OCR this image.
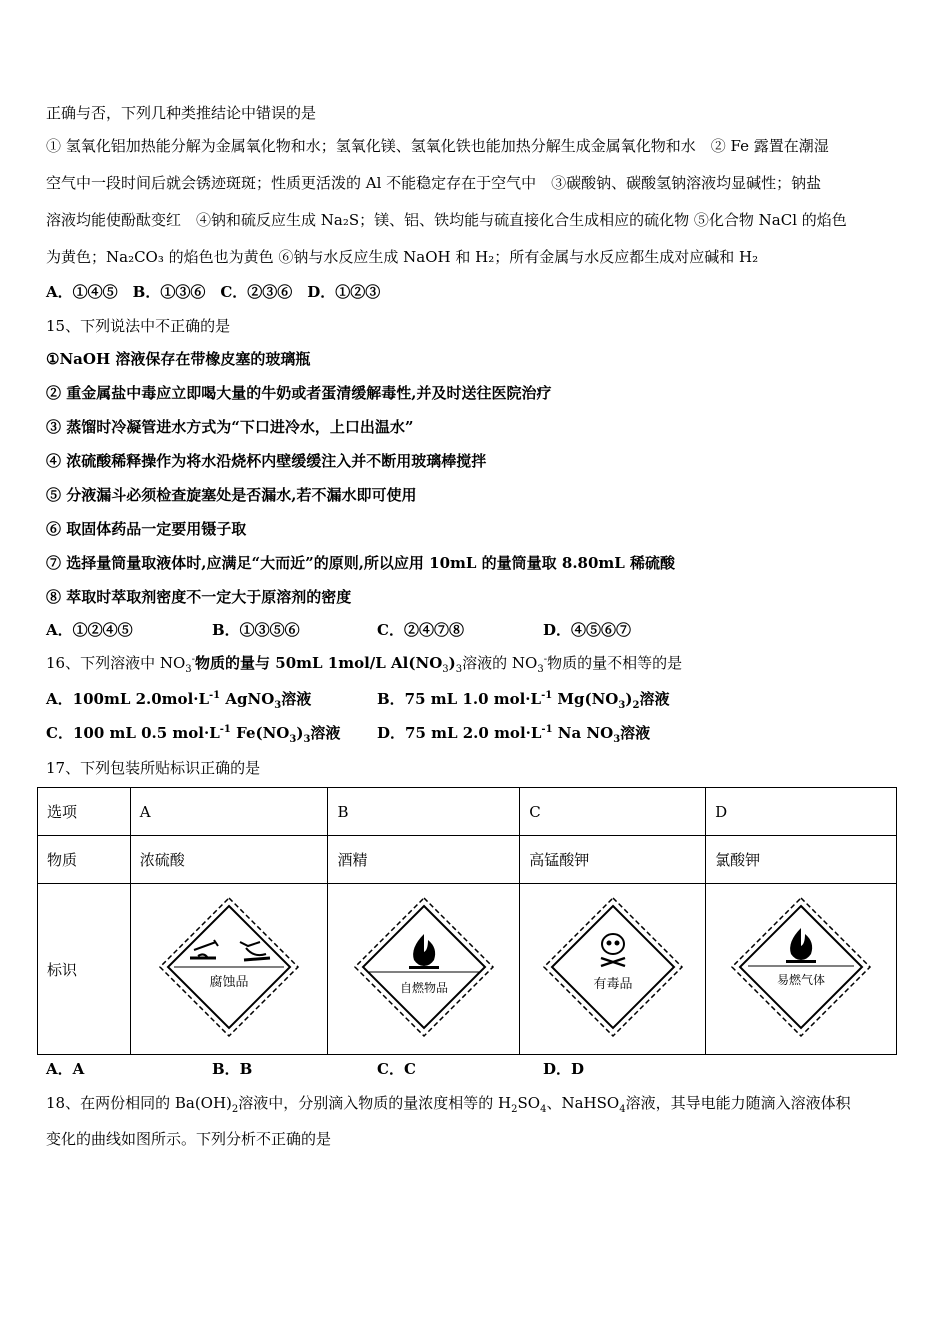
正确与否，下列几种类推结论中错误的是
① 氢氧化铝加热能分解为金属氧化物和水；氢氧化镁、氢氧化铁也能加热分解生成金属氧化物和水　② Fe 露置在潮湿
空气中一段时间后就会锈迹斑斑；性质更活泼的 Al 不能稳定存在于空气中　③碳酸钠、碳酸氢钠溶液均显碱性；钠盐
溶液均能使酚酞变红　④钠和硫反应生成 Na₂S；镁、铝、铁均能与硫直接化合生成相应的硫化物 ⑤化合物 NaCl 的焰色
为黄色；Na₂CO₃ 的焰色也为黄色 ⑥钠与水反应生成 NaOH 和 H₂；所有金属与水反应都生成对应碱和 H₂
A．①④⑤　B．①③⑥　C．②③⑥　D．①②③
15、下列说法中不正确的是
①NaOH 溶液保存在带橡皮塞的玻璃瓶
② 重金属盐中毒应立即喝大量的牛奶或者蛋清缓解毒性,并及时送往医院治疗
③ 蒸馏时冷凝管进水方式为“下口进冷水，上口出温水”
④ 浓硫酸稀释操作为将水沿烧杯内壁缓缓注入并不断用玻璃棒搅拌
⑤ 分液漏斗必须检查旋塞处是否漏水,若不漏水即可使用
⑥ 取固体药品一定要用镊子取
⑦ 选择量筒量取液体时,应满足“大而近”的原则,所以应用 10mL 的量筒量取 8.80mL 稀硫酸
⑧ 萃取时萃取剂密度不一定大于原溶剂的密度
A．①②④⑤	B．①③⑤⑥	C．②④⑦⑧	D．④⑤⑥⑦
16、下列溶液中 $NO_3^-$物质的量与 50mL 1mol/L $Al(NO_3)_3$溶液的 $NO_3^-$物质的量不相等的是
A．100mL $2.0mol\cdot L^{-1}$ AgNO$_3$溶液	B．75 mL 1.0 $mol\cdot L^{-1}$ $Mg(NO_3)_2$溶液
C．100 mL 0.5 $mol\cdot L^{-1}$ $Fe(NO_3)_3$溶液 D．75 mL 2.0 $mol\cdot L^{-1}$ Na $NO_3$溶液
17、下列包装所贴标识正确的是
选项	A	B	C	D
物质	浓硫酸	酒精	高锰酸钾	氯酸钾
标识	腐蚀品	自燃物品	有毒品	易燃气体
A．A	B．B	C．C	D．D
18、在两份相同的 $Ba(OH)_2$溶液中，分别滴入物质的量浓度相等的 $H_2SO_4$、NaHSO$_4$溶液，其导电能力随滴入溶液体积
变化的曲线如图所示。下列分析不正确的是
